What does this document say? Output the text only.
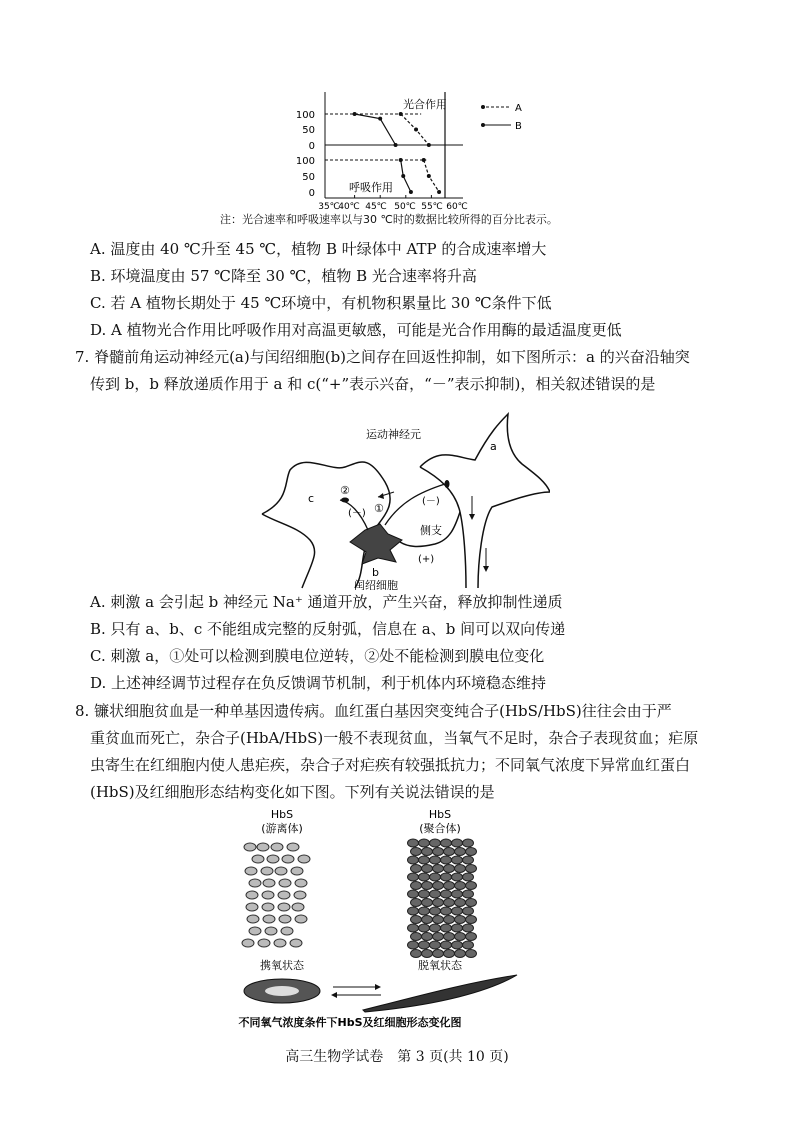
100
50
0
100
50
0
35℃
40℃ 45℃ 50℃ 55℃ 60℃
光合作用
呼吸作用
A
B
注：光合速率和呼吸速率以与30 ℃时的数据比较所得的百分比表示。
A. 温度由 40 ℃升至 45 ℃，植物 B 叶绿体中 ATP 的合成速率增大
B. 环境温度由 57 ℃降至 30 ℃，植物 B 光合速率将升高
C. 若 A 植物长期处于 45 ℃环境中，有机物积累量比 30 ℃条件下低
D. A 植物光合作用比呼吸作用对高温更敏感，可能是光合作用酶的最适温度更低
7. 脊髓前角运动神经元(a)与闰绍细胞(b)之间存在回返性抑制，如下图所示：a 的兴奋沿轴突
传到 b，b 释放递质作用于 a 和 c(“+”表示兴奋，“－”表示抑制)，相关叙述错误的是
c
a
运动神经元
①
②
(－)
(－)
侧支
(+)
b
闰绍细胞
A. 刺激 a 会引起 b 神经元 Na⁺ 通道开放，产生兴奋，释放抑制性递质
B. 只有 a、b、c 不能组成完整的反射弧，信息在 a、b 间可以双向传递
C. 刺激 a，①处可以检测到膜电位逆转，②处不能检测到膜电位变化
D. 上述神经调节过程存在负反馈调节机制，利于机体内环境稳态维持
8. 镰状细胞贫血是一种单基因遗传病。血红蛋白基因突变纯合子(HbS/HbS)往往会由于严
重贫血而死亡，杂合子(HbA/HbS)一般不表现贫血，当氧气不足时，杂合子表现贫血；疟原
虫寄生在红细胞内使人患疟疾，杂合子对疟疾有较强抵抗力；不同氧气浓度下异常血红蛋白
(HbS)及红细胞形态结构变化如下图。下列有关说法错误的是
HbS
(游离体)
HbS
(聚合体)
携氧状态	脱氧状态
不同氧气浓度条件下HbS及红细胞形态变化图
高三生物学试卷　第 3 页(共 10 页)
